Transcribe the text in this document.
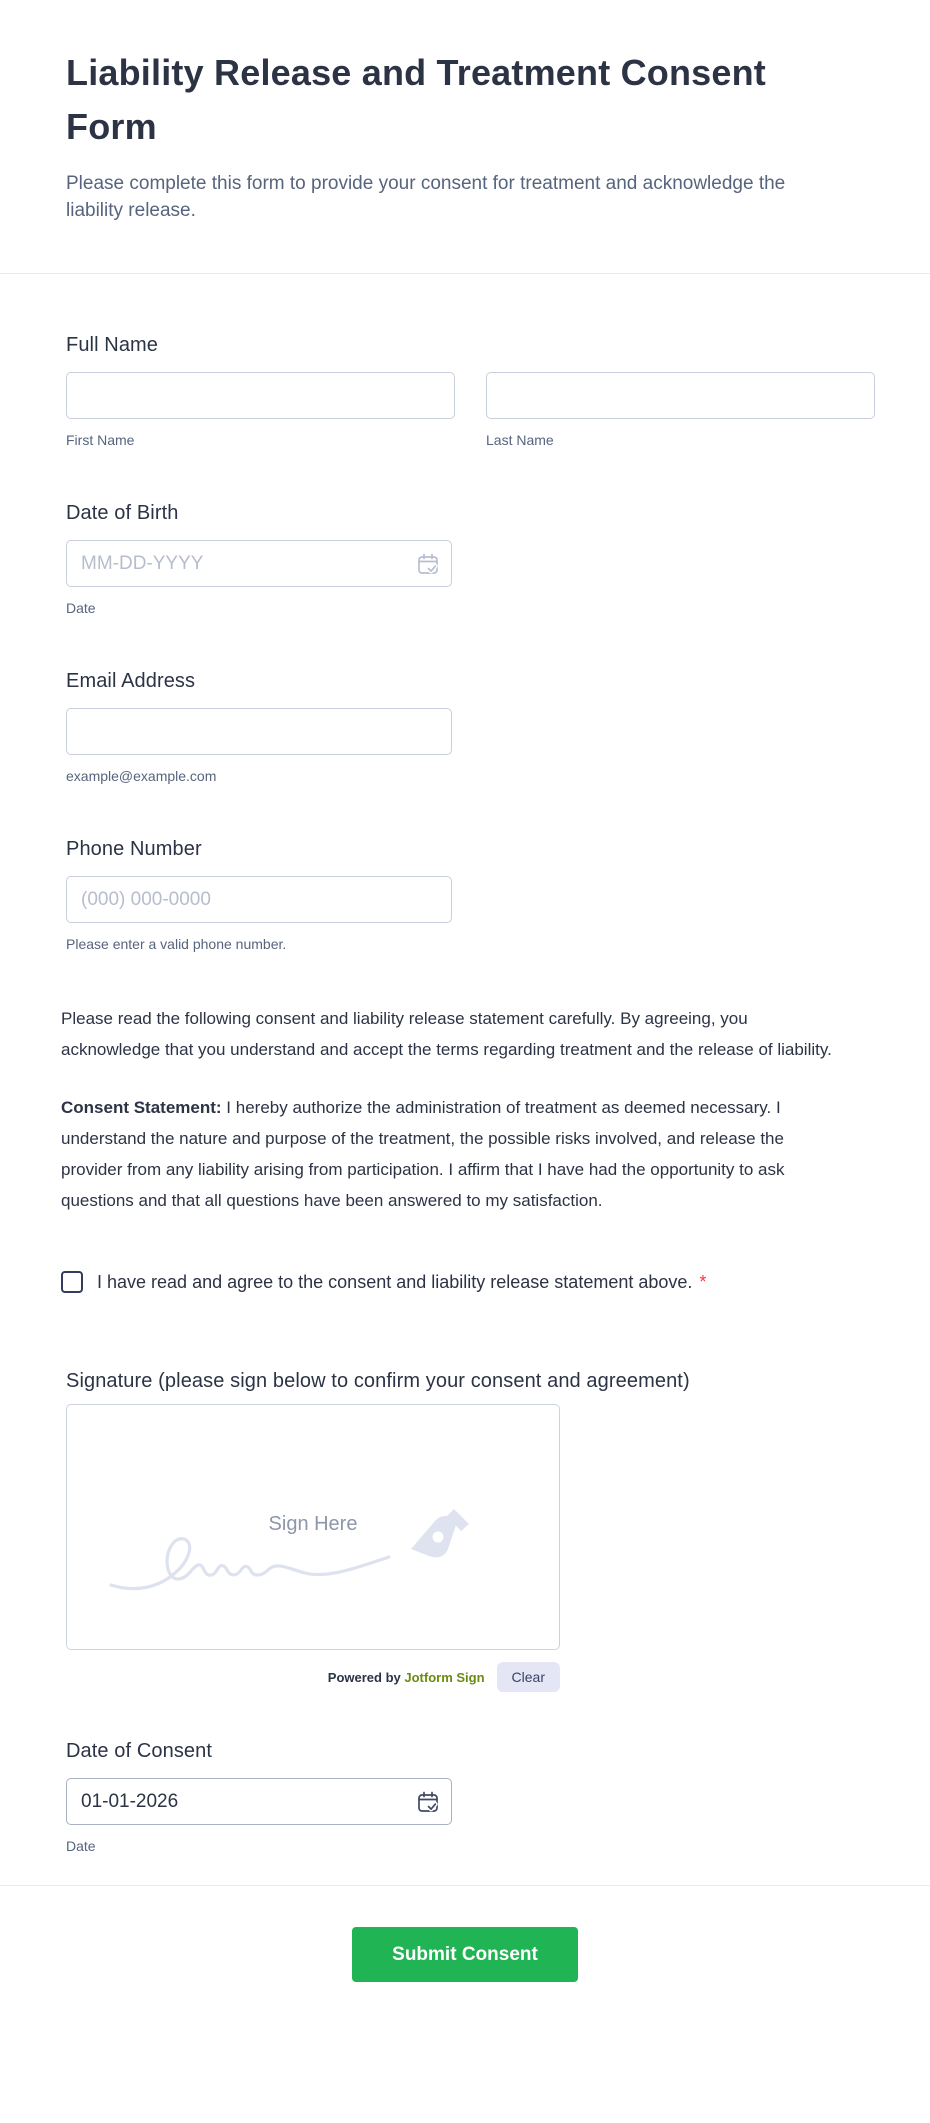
Liability Release and Treatment Consent Form

Please complete this form to provide your consent for treatment and acknowledge the liability release.

Full Name
First Name	Last Name
Date of Birth
MM-DD-YYYY
Date
Email Address
example@example.com
Phone Number
(000) 000-0000
Please enter a valid phone number.

Please read the following consent and liability release statement carefully. By agreeing, you acknowledge that you understand and accept the terms regarding treatment and the release of liability.

Consent Statement: I hereby authorize the administration of treatment as deemed necessary. I understand the nature and purpose of the treatment, the possible risks involved, and release the provider from any liability arising from participation. I affirm that I have had the opportunity to ask questions and that all questions have been answered to my satisfaction.

I have read and agree to the consent and liability release statement above. *
Signature (please sign below to confirm your consent and agreement)
Sign Here
Powered by Jotform Sign	Clear
Date of Consent
01-01-2026
Date
Submit Consent
